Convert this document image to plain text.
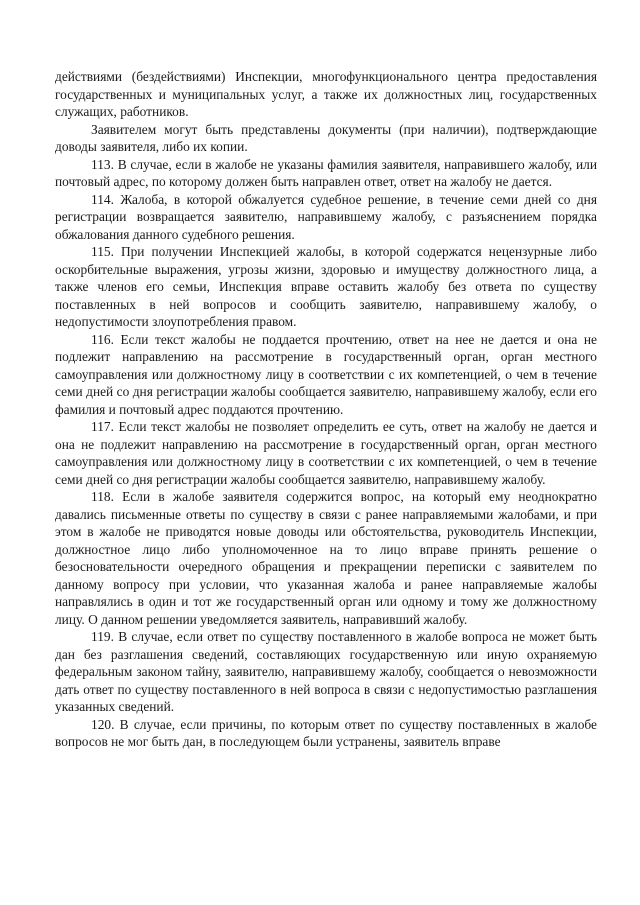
действиями (бездействиями) Инспекции, многофункционального центра предоставления государственных и муниципальных услуг, а также их должностных лиц, государственных служащих, работников.

Заявителем могут быть представлены документы (при наличии), подтверждающие доводы заявителя, либо их копии.

113. В случае, если в жалобе не указаны фамилия заявителя, направившего жалобу, или почтовый адрес, по которому должен быть направлен ответ, ответ на жалобу не дается.

114. Жалоба, в которой обжалуется судебное решение, в течение семи дней со дня регистрации возвращается заявителю, направившему жалобу, с разъяснением порядка обжалования данного судебного решения.

115. При получении Инспекцией жалобы, в которой содержатся нецензурные либо оскорбительные выражения, угрозы жизни, здоровью и имуществу должностного лица, а также членов его семьи, Инспекция вправе оставить жалобу без ответа по существу поставленных в ней вопросов и сообщить заявителю, направившему жалобу, о недопустимости злоупотребления правом.

116. Если текст жалобы не поддается прочтению, ответ на нее не дается и она не подлежит направлению на рассмотрение в государственный орган, орган местного самоуправления или должностному лицу в соответствии с их компетенцией, о чем в течение семи дней со дня регистрации жалобы сообщается заявителю, направившему жалобу, если его фамилия и почтовый адрес поддаются прочтению.

117. Если текст жалобы не позволяет определить ее суть, ответ на жалобу не дается и она не подлежит направлению на рассмотрение в государственный орган, орган местного самоуправления или должностному лицу в соответствии с их компетенцией, о чем в течение семи дней со дня регистрации жалобы сообщается заявителю, направившему жалобу.

118. Если в жалобе заявителя содержится вопрос, на который ему неоднократно давались письменные ответы по существу в связи с ранее направляемыми жалобами, и при этом в жалобе не приводятся новые доводы или обстоятельства, руководитель Инспекции, должностное лицо либо уполномоченное на то лицо вправе принять решение о безосновательности очередного обращения и прекращении переписки с заявителем по данному вопросу при условии, что указанная жалоба и ранее направляемые жалобы направлялись в один и тот же государственный орган или одному и тому же должностному лицу. О данном решении уведомляется заявитель, направивший жалобу.

119. В случае, если ответ по существу поставленного в жалобе вопроса не может быть дан без разглашения сведений, составляющих государственную или иную охраняемую федеральным законом тайну, заявителю, направившему жалобу, сообщается о невозможности дать ответ по существу поставленного в ней вопроса в связи с недопустимостью разглашения указанных сведений.

120. В случае, если причины, по которым ответ по существу поставленных в жалобе вопросов не мог быть дан, в последующем были устранены, заявитель вправе
